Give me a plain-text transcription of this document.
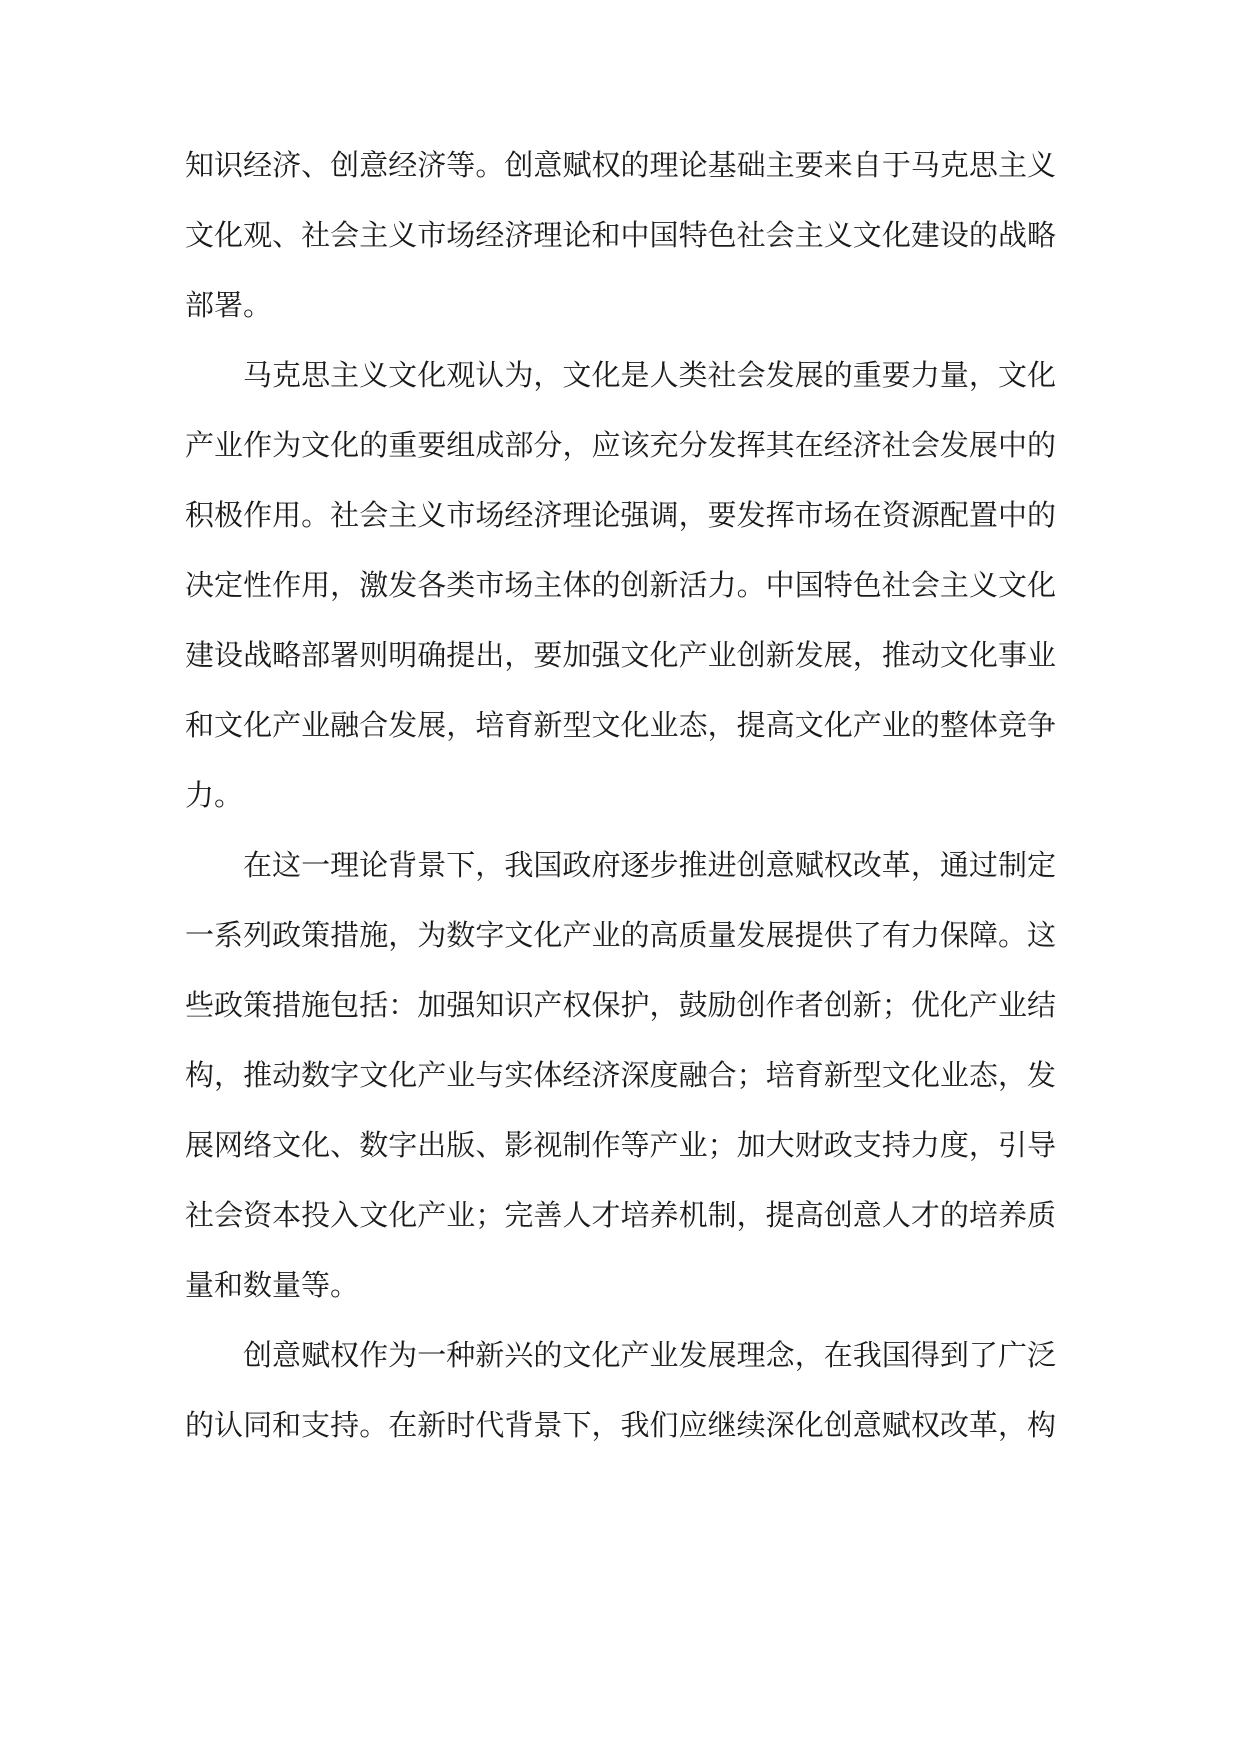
知识经济、创意经济等。创意赋权的理论基础主要来自于马克思主义
文化观、社会主义市场经济理论和中国特色社会主义文化建设的战略
部署。
马克思主义文化观认为，文化是人类社会发展的重要力量，文化
产业作为文化的重要组成部分，应该充分发挥其在经济社会发展中的
积极作用。社会主义市场经济理论强调，要发挥市场在资源配置中的
决定性作用，激发各类市场主体的创新活力。中国特色社会主义文化
建设战略部署则明确提出，要加强文化产业创新发展，推动文化事业
和文化产业融合发展，培育新型文化业态，提高文化产业的整体竞争
力。
在这一理论背景下，我国政府逐步推进创意赋权改革，通过制定
一系列政策措施，为数字文化产业的高质量发展提供了有力保障。这
些政策措施包括：加强知识产权保护，鼓励创作者创新；优化产业结
构，推动数字文化产业与实体经济深度融合；培育新型文化业态，发
展网络文化、数字出版、影视制作等产业；加大财政支持力度，引导
社会资本投入文化产业；完善人才培养机制，提高创意人才的培养质
量和数量等。
创意赋权作为一种新兴的文化产业发展理念，在我国得到了广泛
的认同和支持。在新时代背景下，我们应继续深化创意赋权改革，构
